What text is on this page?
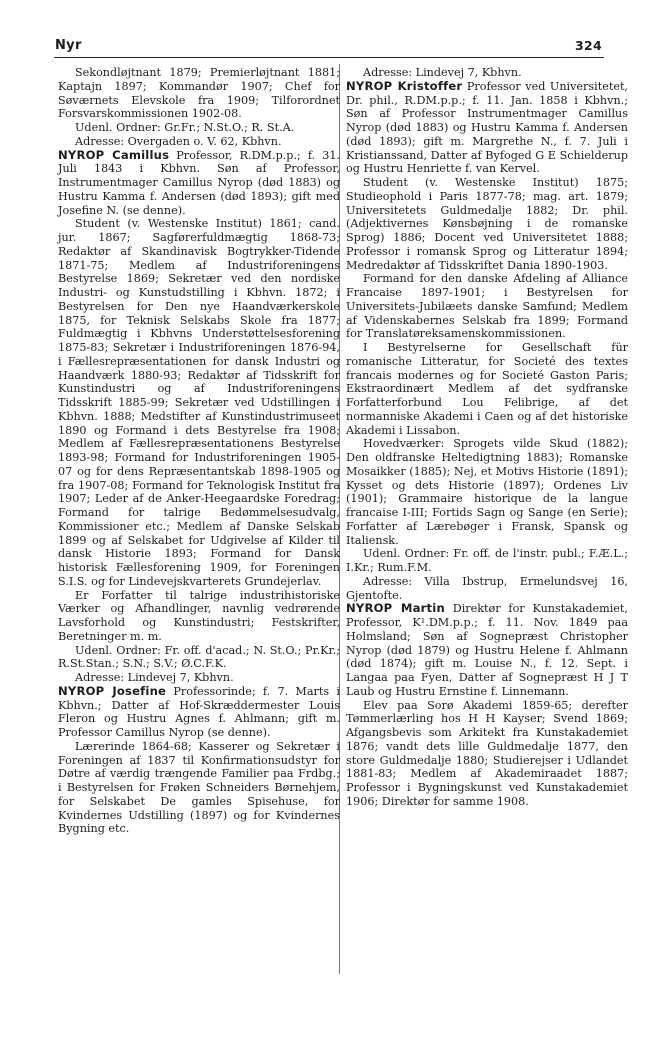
Nyr	324

Sekondløjtnant 1879; Premierløjtnant 1881; Kaptajn 1897; Kommandør 1907; Chef for Søværnets Elevskole fra 1909; Tilforordnet Forsvarskommissionen 1902-08.

Udenl. Ordner: Gr.Fr.; N.St.O.; R. St.A.

Adresse: Overgaden o. V. 62, Kbhvn.

NYROP Camillus Professor, R.DM.p.p.; f. 31. Juli 1843 i Kbhvn. Søn af Professor, Instrumentmager Camillus Nyrop (død 1883) og Hustru Kamma f. Andersen (død 1893); gift med Josefine N. (se denne).

Student (v. Westenske Institut) 1861; cand. jur. 1867; Sagførerfuldmægtig 1868-73; Redaktør af Skandinavisk Bogtrykker-Tidende 1871-75; Medlem af Industriforeningens Bestyrelse 1869; Sekretær ved den nordiske Industri- og Kunstudstilling i Kbhvn. 1872; i Bestyrelsen for Den nye Haandværkerskole 1875, for Teknisk Selskabs Skole fra 1877; Fuldmægtig i Kbhvns Understøttelsesforening 1875-83; Sekretær i Industriforeningen 1876-94, i Fællesrepræsentationen for dansk Industri og Haandværk 1880-93; Redaktør af Tidsskrift for Kunstindustri og af Industriforeningens Tidsskrift 1885-99; Sekretær ved Udstillingen i Kbhvn. 1888; Medstifter af Kunstindustrimuseet 1890 og Formand i dets Bestyrelse fra 1908; Medlem af Fællesrepræsentationens Bestyrelse 1893-98; Formand for Industriforeningen 1905-07 og for dens Repræsentantskab 1898-1905 og fra 1907-08; Formand for Teknologisk Institut fra 1907; Leder af de Anker-Heegaardske Foredrag; Formand for talrige Bedømmelsesudvalg, Kommissioner etc.; Medlem af Danske Selskab 1899 og af Selskabet for Udgivelse af Kilder til dansk Historie 1893; Formand for Dansk historisk Fællesforening 1909, for Foreningen S.I.S. og for Lindevejskvarterets Grundejerlav.

Er Forfatter til talrige industrihistoriske Værker og Afhandlinger, navnlig vedrørende Lavsforhold og Kunstindustri; Festskrifter, Beretninger m. m.

Udenl. Ordner: Fr. off. d'acad.; N. St.O.; Pr.Kr.; R.St.Stan.; S.N.; S.V.; Ø.C.F.K.

Adresse: Lindevej 7, Kbhvn.

NYROP Josefine Professorinde; f. 7. Marts i Kbhvn.; Datter af Hof-Skræddermester Louis Fleron og Hustru Agnes f. Ahlmann; gift m. Professor Camillus Nyrop (se denne).

Lærerinde 1864-68; Kasserer og Sekretær i Foreningen af 1837 til Konfirmationsudstyr for Døtre af værdig trængende Familier paa Frdbg.; i Bestyrelsen for Frøken Schneiders Børnehjem, for Selskabet De gamles Spisehuse, for Kvindernes Udstilling (1897) og for Kvindernes Bygning etc.

Adresse: Lindevej 7, Kbhvn.

NYROP Kristoffer Professor ved Universitetet, Dr. phil., R.DM.p.p.; f. 11. Jan. 1858 i Kbhvn.; Søn af Professor Instrumentmager Camillus Nyrop (død 1883) og Hustru Kamma f. Andersen (død 1893); gift m. Margrethe N., f. 7. Juli i Kristianssand, Datter af Byfoged G E Schielderup og Hustru Henriette f. van Kervel.

Student (v. Westenske Institut) 1875; Studieophold i Paris 1877-78; mag. art. 1879; Universitetets Guldmedalje 1882; Dr. phil. (Adjektivernes Kønsbøjning i de romanske Sprog) 1886; Docent ved Universitetet 1888; Professor i romansk Sprog og Litteratur 1894; Medredaktør af Tidsskriftet Dania 1890-1903.

Formand for den danske Afdeling af Alliance Francaise 1897-1901; i Bestyrelsen for Universitets-Jubilæets danske Samfund; Medlem af Videnskabernes Selskab fra 1899; Formand for Translatøreksamenskommissionen.

I Bestyrelserne for Gesellschaft für romanische Litteratur, for Societé des textes francais modernes og for Societé Gaston Paris; Ekstraordinært Medlem af det sydfranske Forfatterforbund Lou Felibrige, af det normanniske Akademi i Caen og af det historiske Akademi i Lissabon.

Hovedværker: Sprogets vilde Skud (1882); Den oldfranske Heltedigtning 1883); Romanske Mosaikker (1885); Nej, et Motivs Historie (1891); Kysset og dets Historie (1897); Ordenes Liv (1901); Grammaire historique de la langue francaise I-III; Fortids Sagn og Sange (en Serie); Forfatter af Lærebøger i Fransk, Spansk og Italiensk.

Udenl. Ordner: Fr. off. de l'instr. publ.; F.Æ.L.; I.Kr.; Rum.F.M.

Adresse: Villa Ibstrup, Ermelundsvej 16, Gjentofte.

NYROP Martin Direktør for Kunstakademiet, Professor, K¹.DM.p.p.; f. 11. Nov. 1849 paa Holmsland; Søn af Sognepræst Christopher Nyrop (død 1879) og Hustru Helene f. Ahlmann (død 1874); gift m. Louise N., f. 12. Sept. i Langaa paa Fyen, Datter af Sognepræst H J T Laub og Hustru Ernstine f. Linnemann.

Elev paa Sorø Akademi 1859-65; derefter Tømmerlærling hos H H Kayser; Svend 1869; Afgangsbevis som Arkitekt fra Kunstakademiet 1876; vandt dets lille Guldmedalje 1877, den store Guldmedalje 1880; Studierejser i Udlandet 1881-83; Medlem af Akademiraadet 1887; Professor i Bygningskunst ved Kunstakademiet 1906; Direktør for samme 1908.
